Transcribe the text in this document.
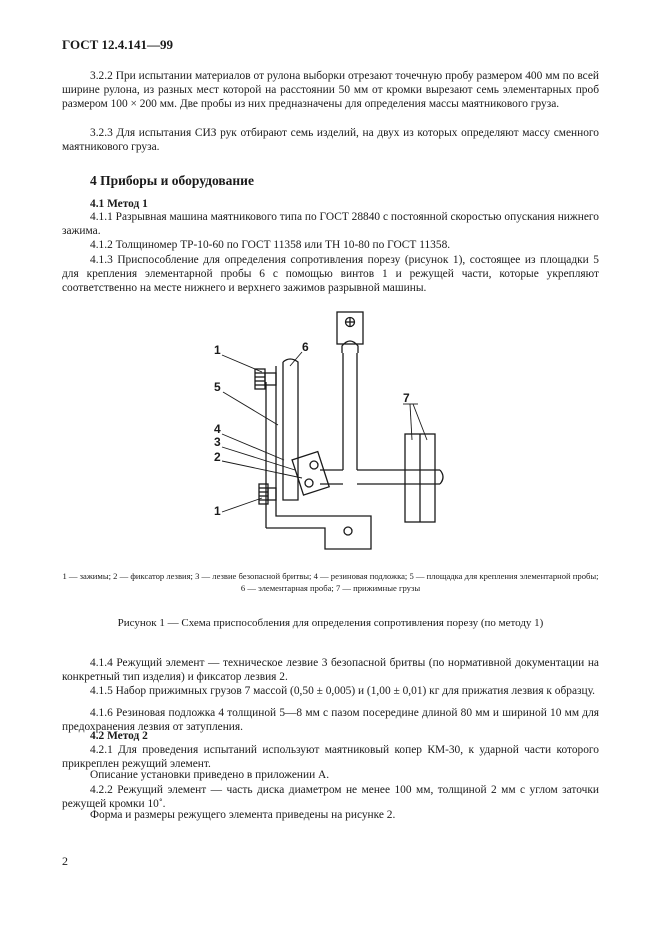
ГОСТ 12.4.141—99
3.2.2 При испытании материалов от рулона выборки отрезают точечную пробу размером 400 мм по всей ширине рулона, из разных мест которой на расстоянии 50 мм от кромки вырезают семь элементарных проб размером 100 × 200 мм. Две пробы из них предназначены для определения массы маятникового груза.
3.2.3 Для испытания СИЗ рук отбирают семь изделий, на двух из которых определяют массу сменного маятникового груза.
4 Приборы и оборудование
4.1 Метод 1
4.1.1 Разрывная машина маятникового типа по ГОСТ 28840 с постоянной скоростью опускания нижнего зажима.
4.1.2 Толщиномер ТР-10-60 по ГОСТ 11358 или ТН 10-80 по ГОСТ 11358.
4.1.3 Приспособление для определения сопротивления порезу (рисунок 1), состоящее из площадки 5 для крепления элементарной пробы 6 с помощью винтов 1 и режущей части, которые укрепляют соответственно на месте нижнего и верхнего зажимов разрывной машины.
1	6
5
4
3
2
1
7
1 — зажимы; 2 — фиксатор лезвия; 3 — лезвие безопасной бритвы; 4 — резиновая подложка; 5 — площадка для крепления элементарной пробы; 6 — элементарная проба; 7 — прижимные грузы
Рисунок 1 — Схема приспособления для определения сопротивления порезу (по методу 1)
4.1.4 Режущий элемент — техническое лезвие 3 безопасной бритвы (по нормативной документации на конкретный тип изделия) и фиксатор лезвия 2.
4.1.5 Набор прижимных грузов 7 массой (0,50 ± 0,005) и (1,00 ± 0,01) кг для прижатия лезвия к образцу.
4.1.6 Резиновая подложка 4 толщиной 5—8 мм с пазом посередине длиной 80 мм и шириной 10 мм для предохранения лезвия от затупления.
4.2 Метод 2
4.2.1 Для проведения испытаний используют маятниковый копер КМ-30, к ударной части которого прикреплен режущий элемент.
Описание установки приведено в приложении А.
4.2.2 Режущий элемент — часть диска диаметром не менее 100 мм, толщиной 2 мм с углом заточки режущей кромки 10˚.
Форма и размеры режущего элемента приведены на рисунке 2.
2
